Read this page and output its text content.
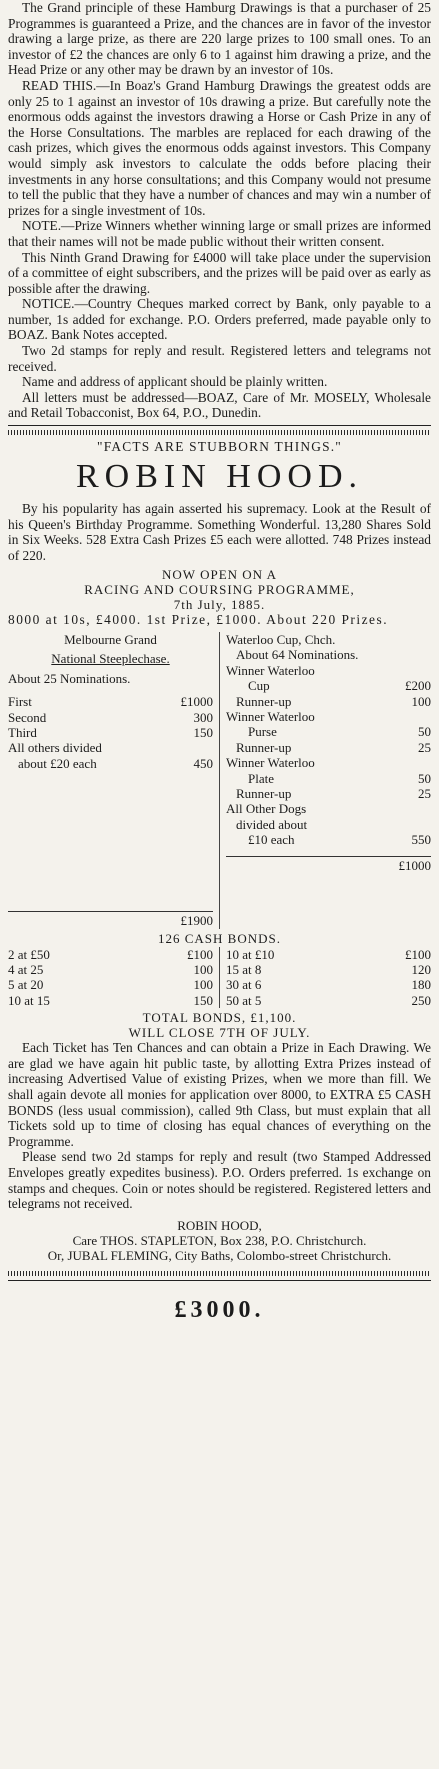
The Grand principle of these Hamburg Drawings is that a purchaser of 25 Programmes is guaranteed a Prize, and the chances are in favor of the investor drawing a large prize, as there are 220 large prizes to 100 small ones. To an investor of £2 the chances are only 6 to 1 against him drawing a prize, and the Head Prize or any other may be drawn by an investor of 10s.

READ THIS.—In Boaz's Grand Hamburg Drawings the greatest odds are only 25 to 1 against an investor of 10s drawing a prize. But carefully note the enormous odds against the investors drawing a Horse or Cash Prize in any of the Horse Consultations. The marbles are replaced for each drawing of the cash prizes, which gives the enormous odds against investors. This Company would simply ask investors to calculate the odds before placing their investments in any horse consultations; and this Company would not presume to tell the public that they have a number of chances and may win a number of prizes for a single investment of 10s.

NOTE.—Prize Winners whether winning large or small prizes are informed that their names will not be made public without their written consent.

This Ninth Grand Drawing for £4000 will take place under the supervision of a committee of eight subscribers, and the prizes will be paid over as early as possible after the drawing.

NOTICE.—Country Cheques marked correct by Bank, only payable to a number, 1s added for exchange. P.O. Orders preferred, made payable only to BOAZ. Bank Notes accepted.

Two 2d stamps for reply and result. Registered letters and telegrams not received.

Name and address of applicant should be plainly written.

All letters must be addressed—BOAZ, Care of Mr. MOSELY, Wholesale and Retail Tobacconist, Box 64, P.O., Dunedin.

"FACTS ARE STUBBORN THINGS."

ROBIN HOOD.

By his popularity has again asserted his supremacy. Look at the Result of his Queen's Birthday Programme. Something Wonderful. 13,280 Shares Sold in Six Weeks. 528 Extra Cash Prizes £5 each were allotted. 748 Prizes instead of 220.

NOW OPEN ON A

RACING AND COURSING PROGRAMME,

7th July, 1885.

8000 at 10s, £4000. 1st Prize, £1000. About 220 Prizes.

Melbourne Grand

National Steeplechase.

About 25 Nominations.

First	£1000
Second	300
Third	150

All others divided

about £20 each	450

£1900

Waterloo Cup, Chch.

About 64 Nominations.

Winner Waterloo
Cup	£200
Runner-up	100
Winner Waterloo
Purse	50
Runner-up	25
Winner Waterloo
Plate	50
Runner-up	25
All Other Dogs
divided about
£10 each	550

£1000

126 CASH BONDS.

2 at £50	£100
4 at 25	100
5 at 20	100
10 at 15	150
10 at £10	£100
15 at 8	120
30 at 6	180
50 at 5	250

TOTAL BONDS, £1,100.

WILL CLOSE 7TH OF JULY.

Each Ticket has Ten Chances and can obtain a Prize in Each Drawing. We are glad we have again hit public taste, by allotting Extra Prizes instead of increasing Advertised Value of existing Prizes, when we more than fill. We shall again devote all monies for application over 8000, to EXTRA £5 CASH BONDS (less usual commission), called 9th Class, but must explain that all Tickets sold up to time of closing has equal chances of everything on the Programme.

Please send two 2d stamps for reply and result (two Stamped Addressed Envelopes greatly expedites business). P.O. Orders preferred. 1s exchange on stamps and cheques. Coin or notes should be registered. Registered letters and telegrams not received.

ROBIN HOOD,

Care THOS. STAPLETON, Box 238, P.O. Christchurch.

Or, JUBAL FLEMING, City Baths, Colombo-street Christchurch.

£3000.
